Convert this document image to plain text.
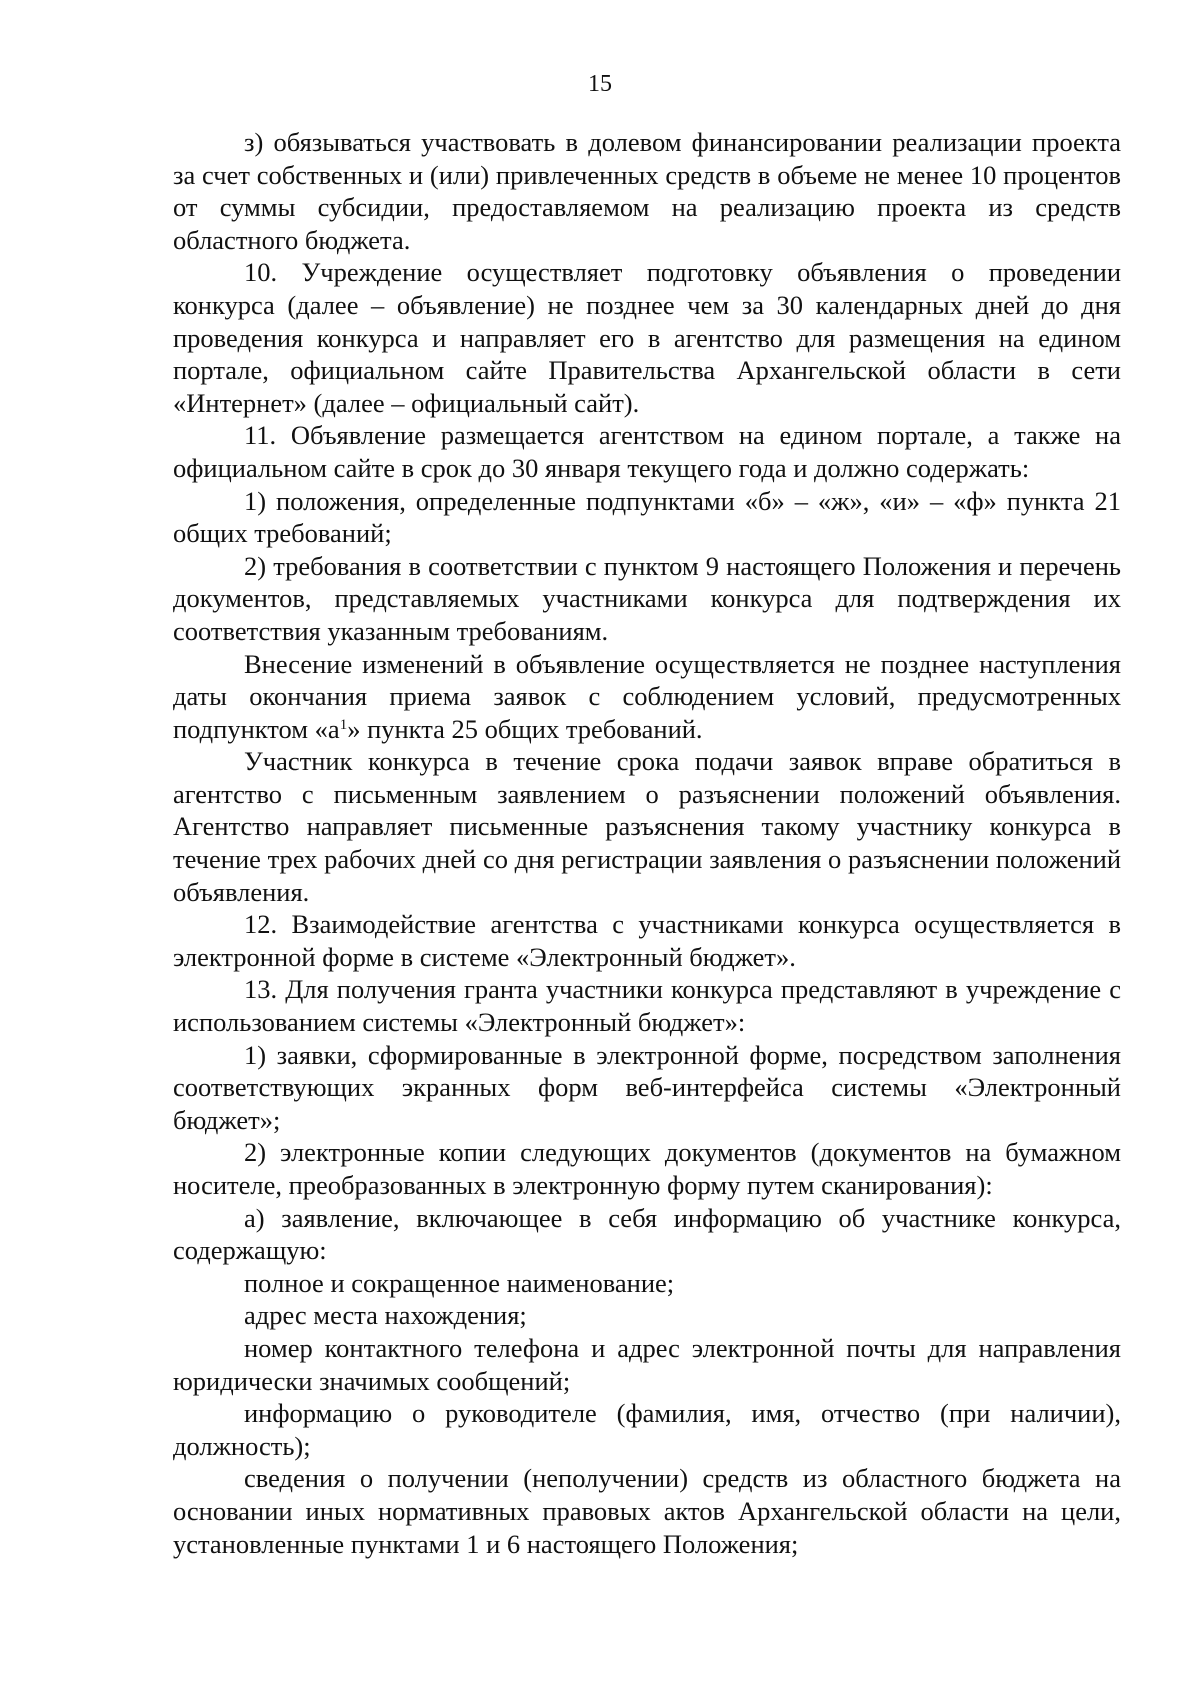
15

з) обязываться участвовать в долевом финансировании реализации проекта за счет собственных и (или) привлеченных средств в объеме не менее 10 процентов от суммы субсидии, предоставляемом на реализацию проекта из средств областного бюджета.

10. Учреждение осуществляет подготовку объявления о проведении конкурса (далее – объявление) не позднее чем за 30 календарных дней до дня проведения конкурса и направляет его в агентство для размещения на едином портале, официальном сайте Правительства Архангельской области в сети «Интернет» (далее – официальный сайт).

11. Объявление размещается агентством на едином портале, а также на официальном сайте в срок до 30 января текущего года и должно содержать:

1) положения, определенные подпунктами «б» – «ж», «и» – «ф» пункта 21 общих требований;

2) требования в соответствии с пунктом 9 настоящего Положения и перечень документов, представляемых участниками конкурса для подтверждения их соответствия указанным требованиям.

Внесение изменений в объявление осуществляется не позднее наступления даты окончания приема заявок с соблюдением условий, предусмотренных подпунктом «$а^1$» пункта 25 общих требований.

Участник конкурса в течение срока подачи заявок вправе обратиться в агентство с письменным заявлением о разъяснении положений объявления. Агентство направляет письменные разъяснения такому участнику конкурса в течение трех рабочих дней со дня регистрации заявления о разъяснении положений объявления.

12. Взаимодействие агентства с участниками конкурса осуществляется в электронной форме в системе «Электронный бюджет».

13. Для получения гранта участники конкурса представляют в учреждение с использованием системы «Электронный бюджет»:

1) заявки, сформированные в электронной форме, посредством заполнения соответствующих экранных форм веб-интерфейса системы «Электронный бюджет»;

2) электронные копии следующих документов (документов на бумажном носителе, преобразованных в электронную форму путем сканирования):

а) заявление, включающее в себя информацию об участнике конкурса, содержащую:

полное и сокращенное наименование;

адрес места нахождения;

номер контактного телефона и адрес электронной почты для направления юридически значимых сообщений;

информацию о руководителе (фамилия, имя, отчество (при наличии), должность);

сведения о получении (неполучении) средств из областного бюджета на основании иных нормативных правовых актов Архангельской области на цели, установленные пунктами 1 и 6 настоящего Положения;
